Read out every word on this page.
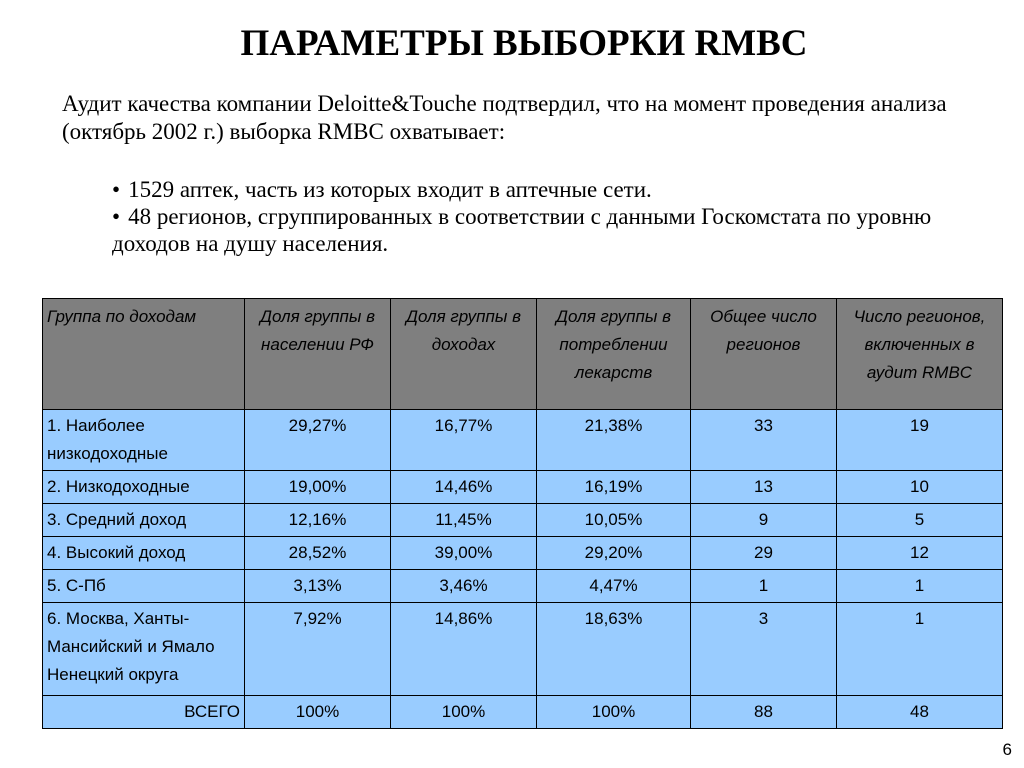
ПАРАМЕТРЫ ВЫБОРКИ RMBC
Аудит качества компании Deloitte&Touche подтвердил, что на момент проведения анализа (октябрь 2002 г.) выборка RMBC охватывает:
• 1529 аптек, часть из которых входит в аптечные сети.
• 48 регионов, сгруппированных в соответствии с данными Госкомстата по уровню доходов на душу населения.
Группа по доходам	Доля группы в населении РФ	Доля группы в доходах	Доля группы в потреблении лекарств	Общее число регионов	Число регионов, включенных в аудит RMBC
1. Наиболее низкодоходные	29,27%	16,77%	21,38%	33	19
2. Низкодоходные	19,00%	14,46%	16,19%	13	10
3. Средний доход	12,16%	11,45%	10,05%	9	5
4. Высокий доход	28,52%	39,00%	29,20%	29	12
5. С-Пб	3,13%	3,46%	4,47%	1	1
6. Москва, Ханты-Мансийский и Ямало Ненецкий округа	7,92%	14,86%	18,63%	3	1
ВСЕГО	100%	100%	100%	88	48
6
